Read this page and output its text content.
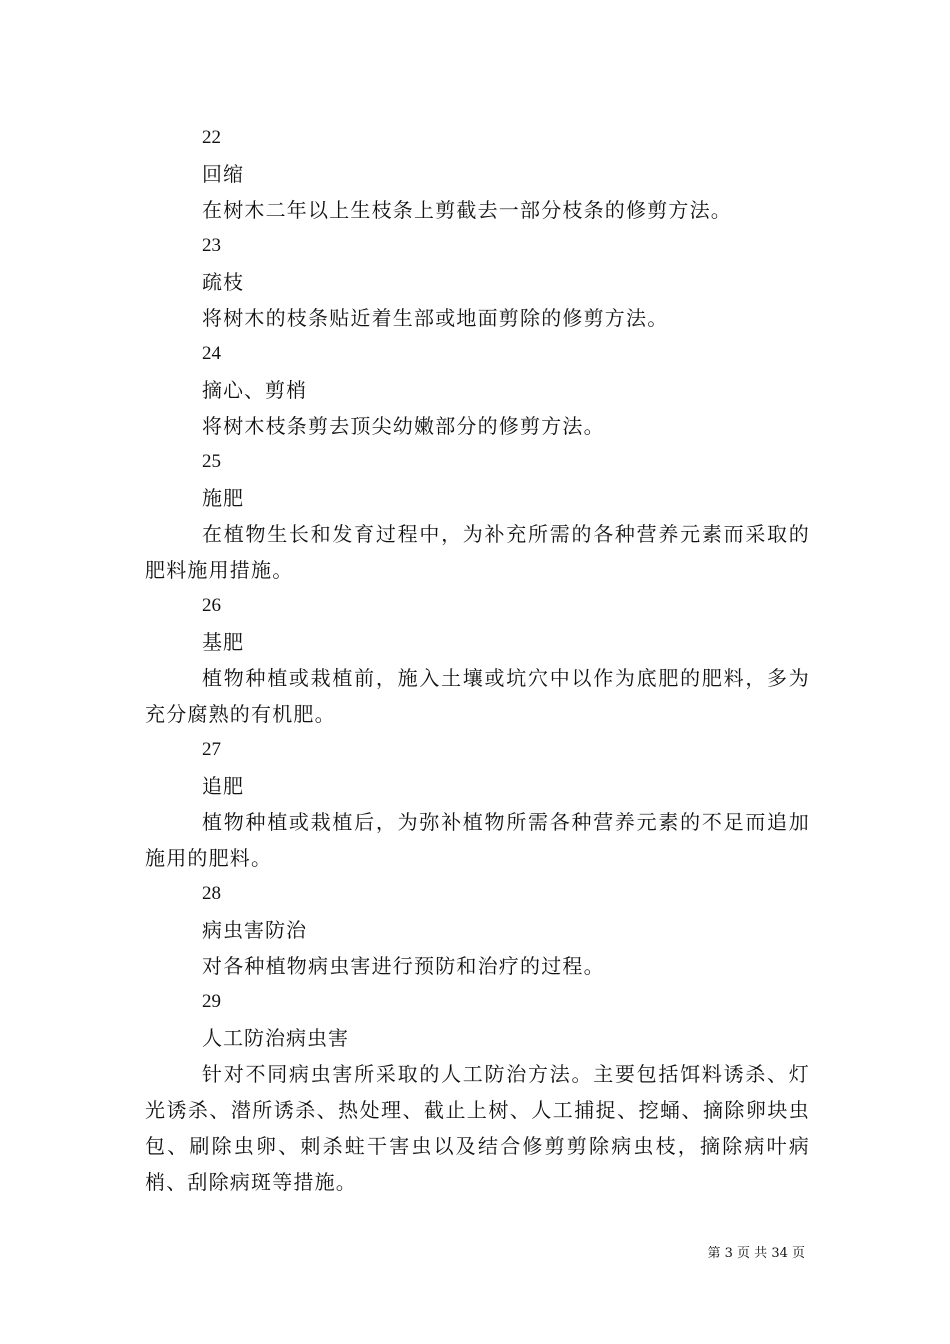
22

回缩

在树木二年以上生枝条上剪截去一部分枝条的修剪方法。

23

疏枝

将树木的枝条贴近着生部或地面剪除的修剪方法。

24

摘心、剪梢

将树木枝条剪去顶尖幼嫩部分的修剪方法。

25

施肥

在植物生长和发育过程中，为补充所需的各种营养元素而采取的肥料施用措施。

26

基肥

植物种植或栽植前，施入土壤或坑穴中以作为底肥的肥料，多为充分腐熟的有机肥。

27

追肥

植物种植或栽植后，为弥补植物所需各种营养元素的不足而追加施用的肥料。

28

病虫害防治

对各种植物病虫害进行预防和治疗的过程。

29

人工防治病虫害

针对不同病虫害所采取的人工防治方法。主要包括饵料诱杀、灯光诱杀、潜所诱杀、热处理、截止上树、人工捕捉、挖蛹、摘除卵块虫包、刷除虫卵、刺杀蛀干害虫以及结合修剪剪除病虫枝，摘除病叶病梢、刮除病斑等措施。

第 3 页 共 34 页
